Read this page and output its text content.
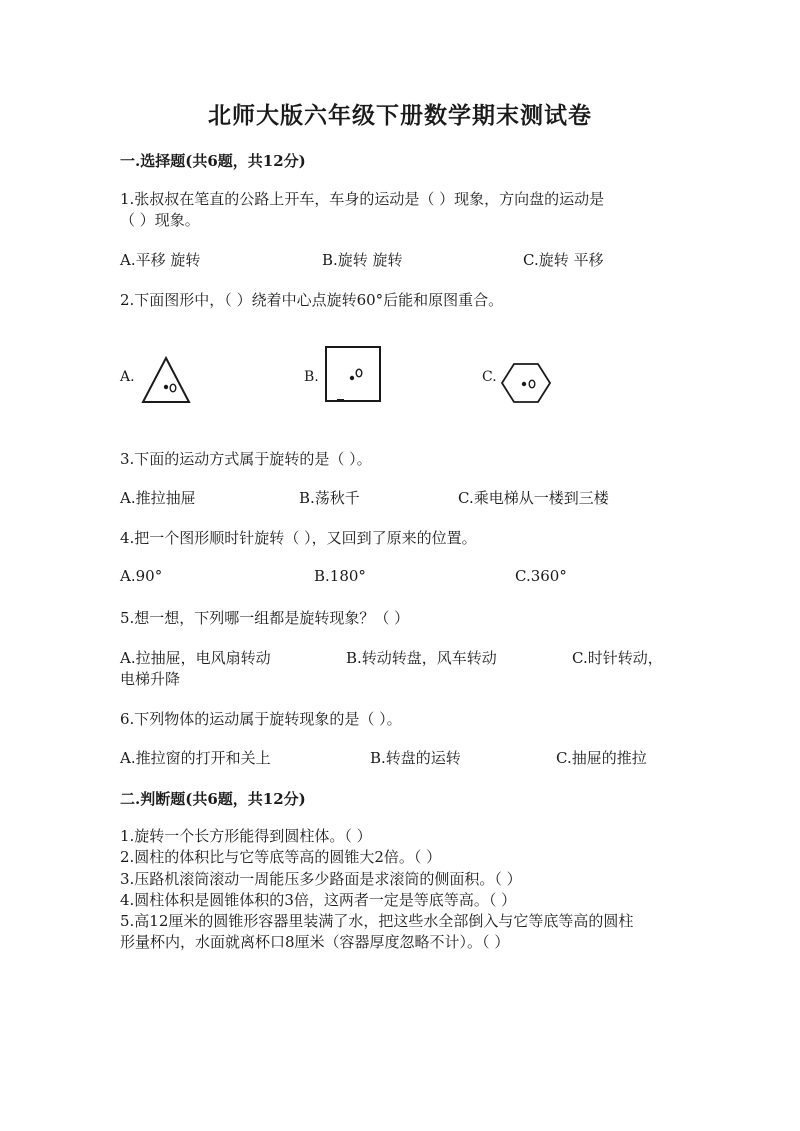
北师大版六年级下册数学期末测试卷
一.选择题(共6题，共12分)
1.张叔叔在笔直的公路上开车，车身的运动是（ ）现象，方向盘的运动是
（ ）现象。
A.平移 旋转	B.旋转 旋转	C.旋转 平移
2.下面图形中，（ ）绕着中心点旋转60°后能和原图重合。
A.	B.	C.
3.下面的运动方式属于旋转的是（ ）。
A.推拉抽屉	B.荡秋千	C.乘电梯从一楼到三楼
4.把一个图形顺时针旋转（ ），又回到了原来的位置。
A.90°	B.180°	C.360°
5.想一想，下列哪一组都是旋转现象？（ ）
A.拉抽屉，电风扇转动	B.转动转盘，风车转动	C.时针转动，
电梯升降
6.下列物体的运动属于旋转现象的是（ ）。
A.推拉窗的打开和关上	B.转盘的运转	C.抽屉的推拉
二.判断题(共6题，共12分)
1.旋转一个长方形能得到圆柱体。（ ）
2.圆柱的体积比与它等底等高的圆锥大2倍。（ ）
3.压路机滚筒滚动一周能压多少路面是求滚筒的侧面积。（ ）
4.圆柱体积是圆锥体积的3倍，这两者一定是等底等高。（ ）
5.高12厘米的圆锥形容器里装满了水，把这些水全部倒入与它等底等高的圆柱
形量杯内，水面就离杯口8厘米（容器厚度忽略不计）。（ ）
